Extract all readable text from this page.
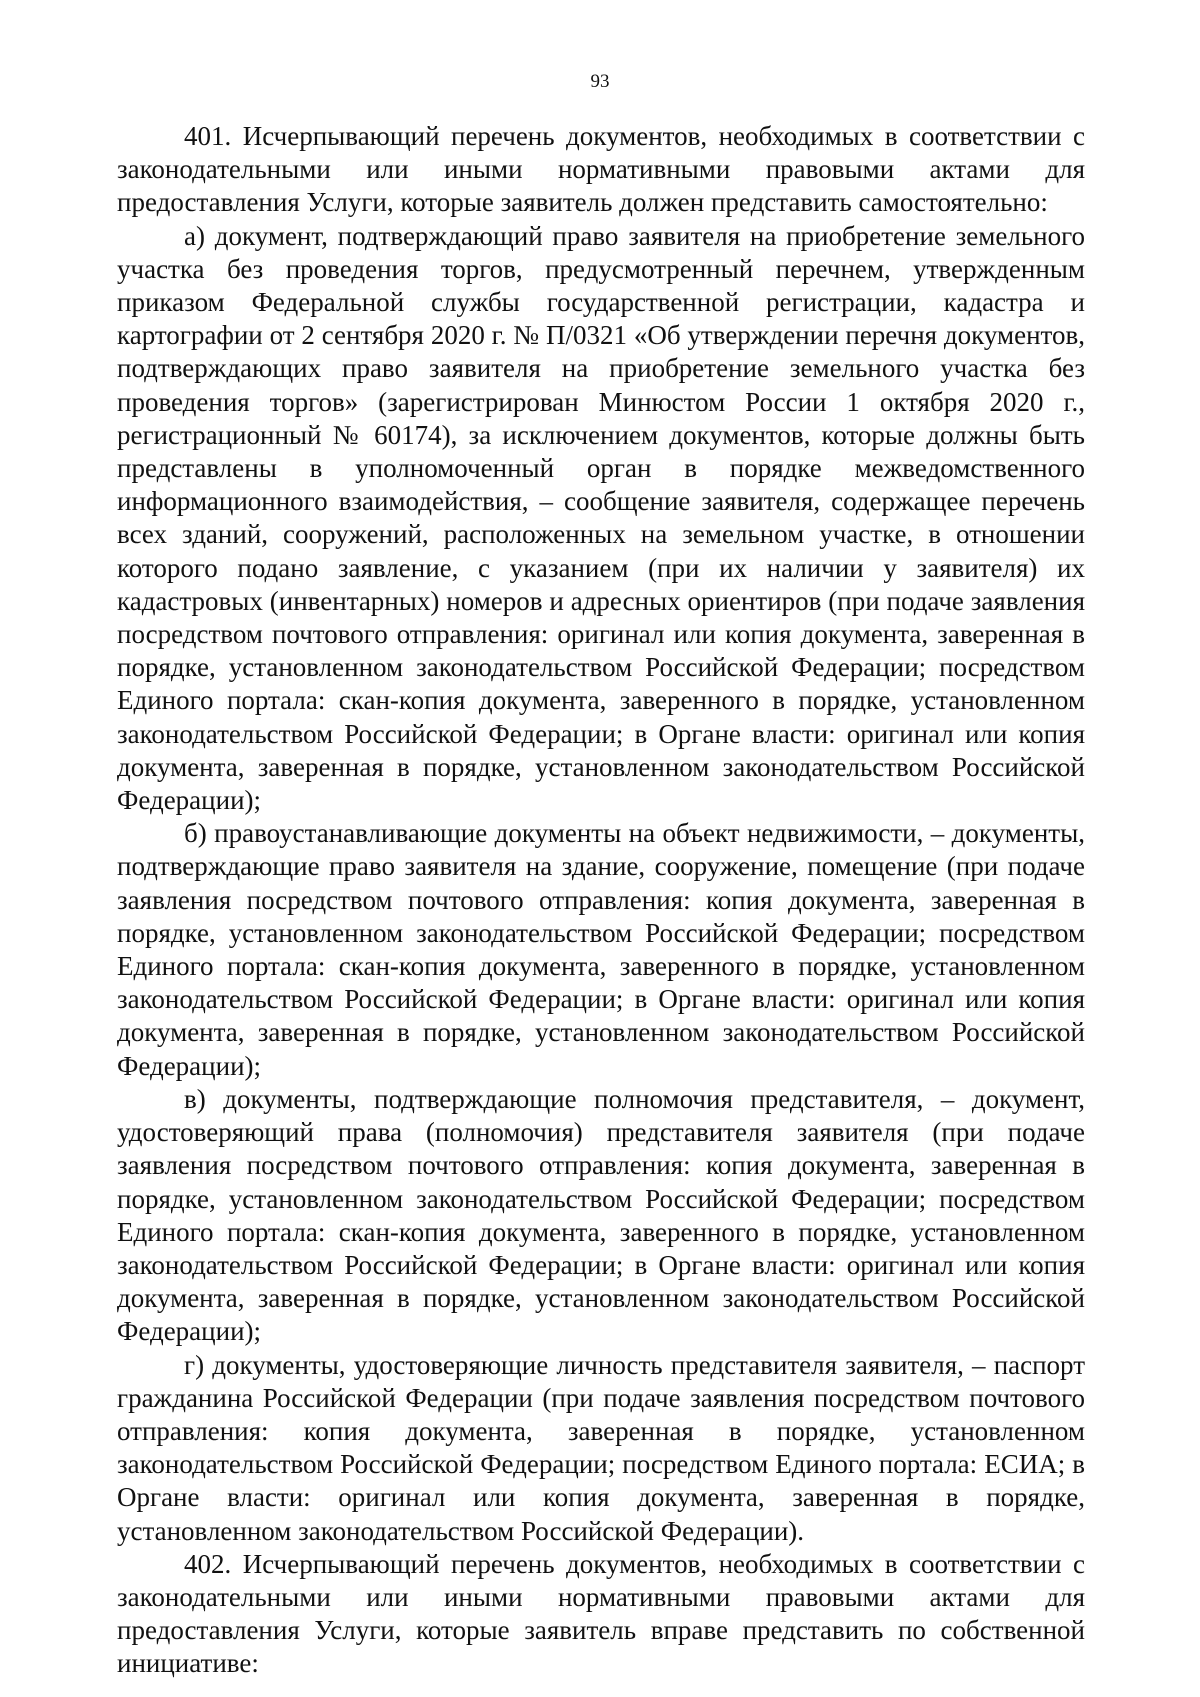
93

401. Исчерпывающий перечень документов, необходимых в соответствии с законодательными или иными нормативными правовыми актами для предоставления Услуги, которые заявитель должен представить самостоятельно:

а) документ, подтверждающий право заявителя на приобретение земельного участка без проведения торгов, предусмотренный перечнем, утвержденным приказом Федеральной службы государственной регистрации, кадастра и картографии от 2 сентября 2020 г. № П/0321 «Об утверждении перечня документов, подтверждающих право заявителя на приобретение земельного участка без проведения торгов» (зарегистрирован Минюстом России 1 октября 2020 г., регистрационный № 60174), за исключением документов, которые должны быть представлены в уполномоченный орган в порядке межведомственного информационного взаимодействия, – сообщение заявителя, содержащее перечень всех зданий, сооружений, расположенных на земельном участке, в отношении которого подано заявление, с указанием (при их наличии у заявителя) их кадастровых (инвентарных) номеров и адресных ориентиров (при подаче заявления посредством почтового отправления: оригинал или копия документа, заверенная в порядке, установленном законодательством Российской Федерации; посредством Единого портала: скан-копия документа, заверенного в порядке, установленном законодательством Российской Федерации; в Органе власти: оригинал или копия документа, заверенная в порядке, установленном законодательством Российской Федерации);

б) правоустанавливающие документы на объект недвижимости, – документы, подтверждающие право заявителя на здание, сооружение, помещение (при подаче заявления посредством почтового отправления: копия документа, заверенная в порядке, установленном законодательством Российской Федерации; посредством Единого портала: скан-копия документа, заверенного в порядке, установленном законодательством Российской Федерации; в Органе власти: оригинал или копия документа, заверенная в порядке, установленном законодательством Российской Федерации);

в) документы, подтверждающие полномочия представителя, – документ, удостоверяющий права (полномочия) представителя заявителя (при подаче заявления посредством почтового отправления: копия документа, заверенная в порядке, установленном законодательством Российской Федерации; посредством Единого портала: скан-копия документа, заверенного в порядке, установленном законодательством Российской Федерации; в Органе власти: оригинал или копия документа, заверенная в порядке, установленном законодательством Российской Федерации);

г) документы, удостоверяющие личность представителя заявителя, – паспорт гражданина Российской Федерации (при подаче заявления посредством почтового отправления: копия документа, заверенная в порядке, установленном законодательством Российской Федерации; посредством Единого портала: ЕСИА; в Органе власти: оригинал или копия документа, заверенная в порядке, установленном законодательством Российской Федерации).

402. Исчерпывающий перечень документов, необходимых в соответствии с законодательными или иными нормативными правовыми актами для предоставления Услуги, которые заявитель вправе представить по собственной инициативе:
